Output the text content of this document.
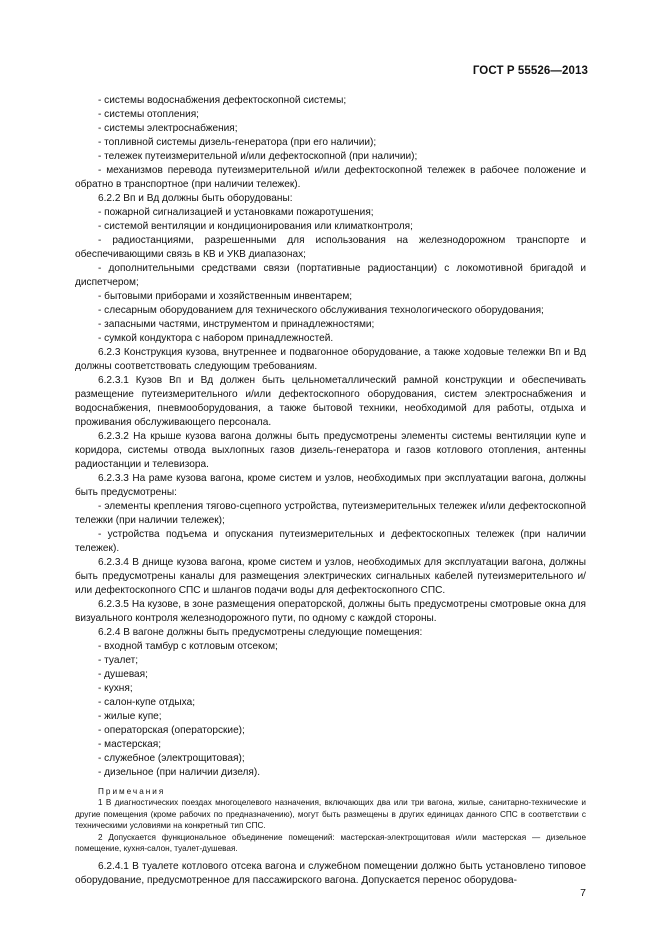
ГОСТ Р 55526—2013

- системы водоснабжения дефектоскопной системы;

- системы отопления;

- системы электроснабжения;

- топливной системы дизель-генератора (при его наличии);

- тележек путеизмерительной и/или дефектоскопной (при наличии);

- механизмов перевода путеизмерительной и/или дефектоскопной тележек в рабочее положение и обратно в транспортное (при наличии тележек).

6.2.2 Вп и Вд должны быть оборудованы:

- пожарной сигнализацией и установками пожаротушения;

- системой вентиляции и кондиционирования или климатконтроля;

- радиостанциями, разрешенными для использования на железнодорожном транспорте и обеспечивающими связь в КВ и УКВ диапазонах;

- дополнительными средствами связи (портативные радиостанции) с локомотивной бригадой и диспетчером;

- бытовыми приборами и хозяйственным инвентарем;

- слесарным оборудованием для технического обслуживания технологического оборудования;

- запасными частями, инструментом и принадлежностями;

- сумкой кондуктора с набором принадлежностей.

6.2.3 Конструкция кузова, внутреннее и подвагонное оборудование, а также ходовые тележки Вп и Вд должны соответствовать следующим требованиям.

6.2.3.1 Кузов Вп и Вд должен быть цельнометаллический рамной конструкции и обеспечивать размещение путеизмерительного и/или дефектоскопного оборудования, систем электроснабжения и водоснабжения, пневмооборудования, а также бытовой техники, необходимой для работы, отдыха и проживания обслуживающего персонала.

6.2.3.2 На крыше кузова вагона должны быть предусмотрены элементы системы вентиляции купе и коридора, системы отвода выхлопных газов дизель-генератора и газов котлового отопления, антенны радиостанции и телевизора.

6.2.3.3 На раме кузова вагона, кроме систем и узлов, необходимых при эксплуатации вагона, должны быть предусмотрены:

- элементы крепления тягово-сцепного устройства, путеизмерительных тележек и/или дефектоскопной тележки (при наличии тележек);

- устройства подъема и опускания путеизмерительных и дефектоскопных тележек (при наличии тележек).

6.2.3.4 В днище кузова вагона, кроме систем и узлов, необходимых для эксплуатации вагона, должны быть предусмотрены каналы для размещения электрических сигнальных кабелей путеизмерительного и/или дефектоскопного СПС и шлангов подачи воды для дефектоскопного СПС.

6.2.3.5 На кузове, в зоне размещения операторской, должны быть предусмотрены смотровые окна для визуального контроля железнодорожного пути, по одному с каждой стороны.

6.2.4 В вагоне должны быть предусмотрены следующие помещения:

- входной тамбур с котловым отсеком;

- туалет;

- душевая;

- кухня;

- салон-купе отдыха;

- жилые купе;

- операторская (операторские);

- мастерская;

- служебное (электрощитовая);

- дизельное (при наличии дизеля).

Примечания

1 В диагностических поездах многоцелевого назначения, включающих два или три вагона, жилые, санитарно-технические и другие помещения (кроме рабочих по предназначению), могут быть размещены в других единицах данного СПС в соответствии с техническими условиями на конкретный тип СПС.

2 Допускается функциональное объединение помещений: мастерская-электрощитовая и/или мастерская — дизельное помещение, кухня-салон, туалет-душевая.

6.2.4.1 В туалете котлового отсека вагона и служебном помещении должно быть установлено типовое оборудование, предусмотренное для пассажирского вагона. Допускается перенос оборудова-

7
